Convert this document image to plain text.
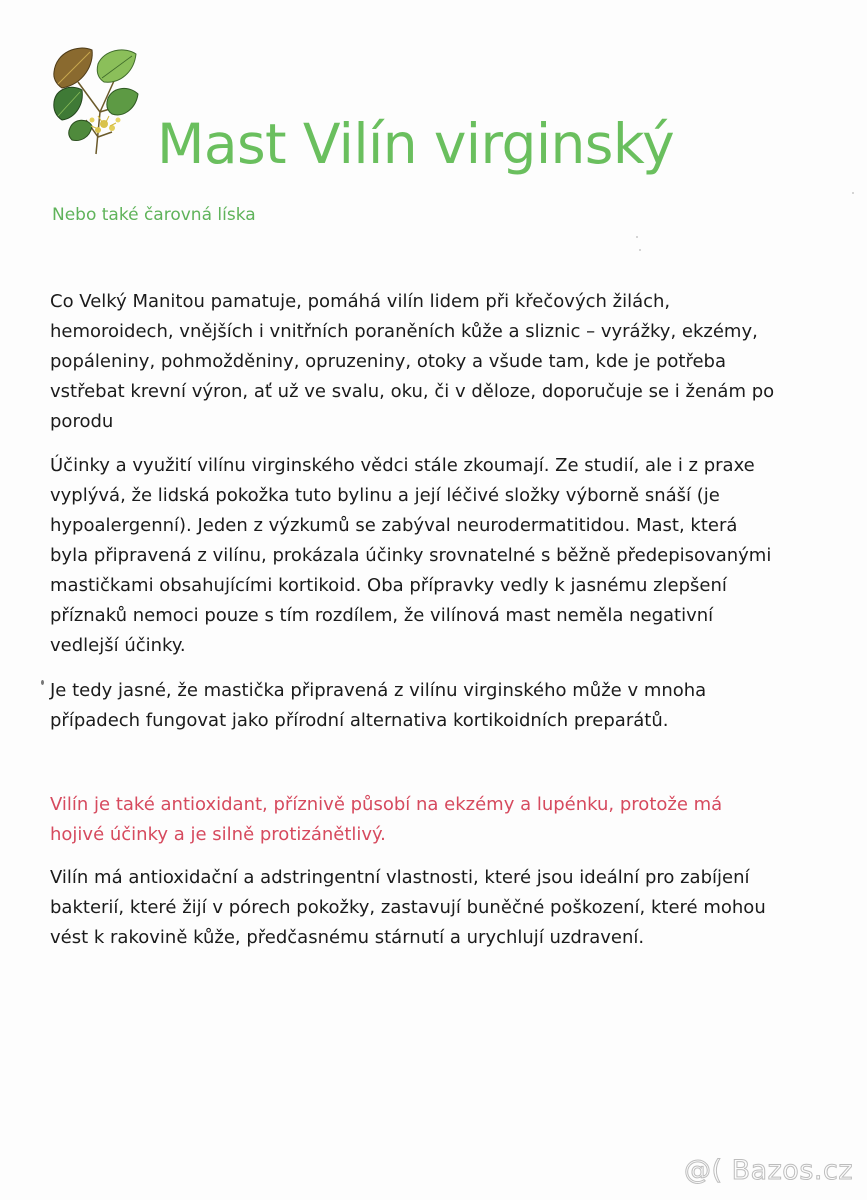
Mast Vilín virginský
Nebo také čarovná líska

Co Velký Manitou pamatuje, pomáhá vilín lidem při křečových žilách,
hemoroidech, vnějších i vnitřních poraněních kůže a sliznic – vyrážky, ekzémy,
popáleniny, pohmožděniny, opruzeniny, otoky a všude tam, kde je potřeba
vstřebat krevní výron, ať už ve svalu, oku, či v děloze, doporučuje se i ženám po
porodu

Účinky a využití vilínu virginského vědci stále zkoumají. Ze studií, ale i z praxe
vyplývá, že lidská pokožka tuto bylinu a její léčivé složky výborně snáší (je
hypoalergenní). Jeden z výzkumů se zabýval neurodermatitidou. Mast, která
byla připravená z vilínu, prokázala účinky srovnatelné s běžně předepisovanými
mastičkami obsahujícími kortikoid. Oba přípravky vedly k jasnému zlepšení
příznaků nemoci pouze s tím rozdílem, že vilínová mast neměla negativní
vedlejší účinky.

Je tedy jasné, že mastička připravená z vilínu virginského může v mnoha
případech fungovat jako přírodní alternativa kortikoidních preparátů.

Vilín je také antioxidant, příznivě působí na ekzémy a lupénku, protože má
hojivé účinky a je silně protizánětlivý.

Vilín má antioxidační a adstringentní vlastnosti, které jsou ideální pro zabíjení
bakterií, které žijí v pórech pokožky, zastavují buněčné poškození, které mohou
vést k rakovině kůže, předčasnému stárnutí a urychlují uzdravení.

@( Bazos.cz
